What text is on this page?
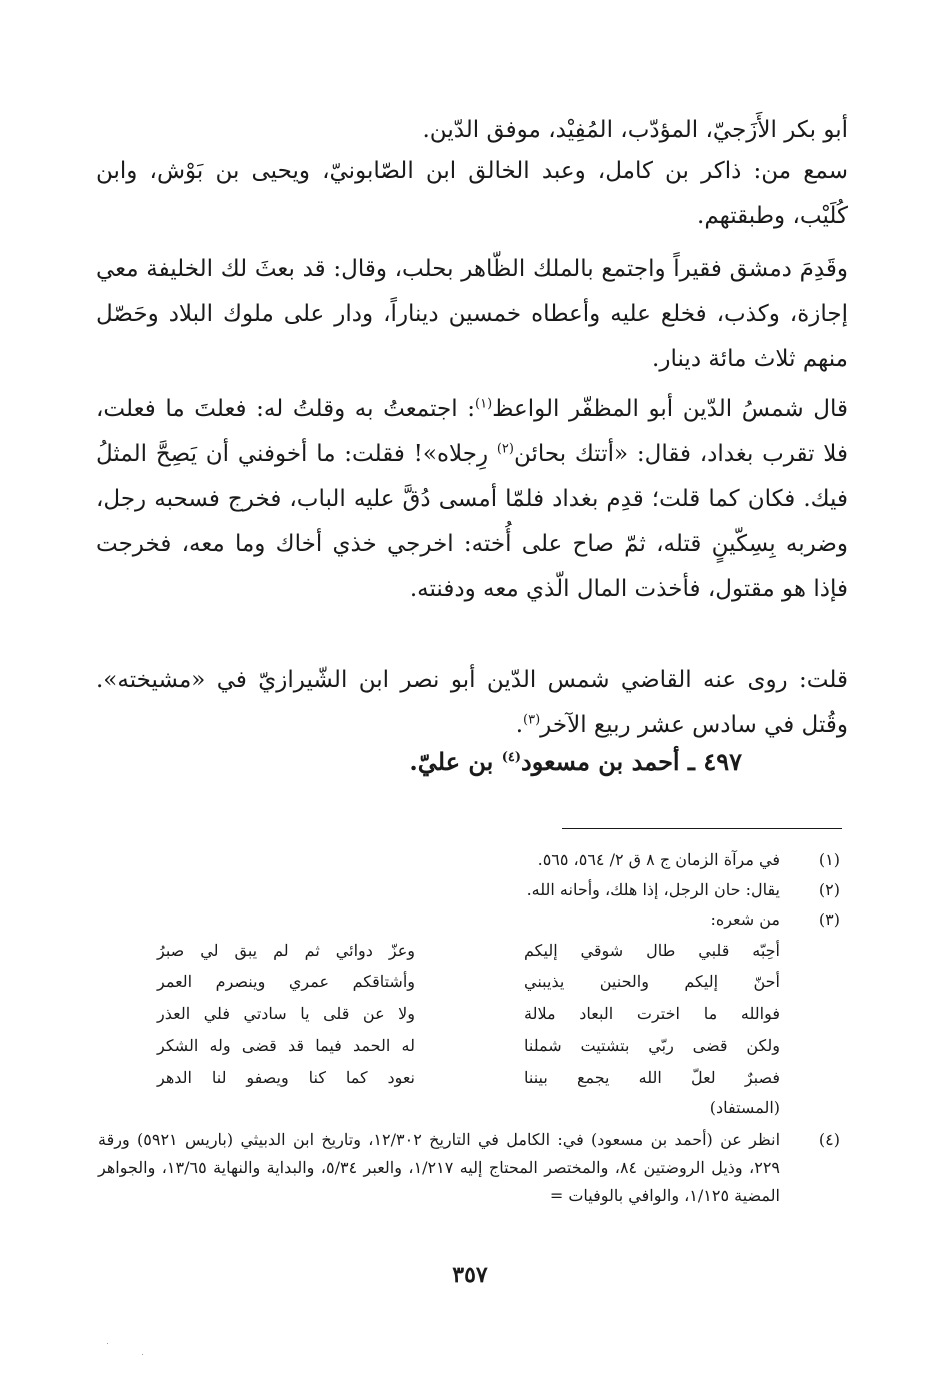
أبو بكر الأَزَجيّ، المؤدّب، المُفِيْد، موفق الدّين.
سمع من: ذاكر بن كامل، وعبد الخالق ابن الصّابونيّ، ويحيى بن بَوْش، وابن كُلَيْب، وطبقتهم.
وقَدِمَ دمشق فقيراً واجتمع بالملك الظّاهر بحلب، وقال: قد بعثَ لك الخليفة معي إجازة، وكذب، فخلع عليه وأعطاه خمسين ديناراً، ودار على ملوك البلاد وحَصّل منهم ثلاث مائة دينار.
قال شمسُ الدّين أبو المظفّر الواعظ$^{(١)}$: اجتمعتُ به وقلتُ له: فعلتَ ما فعلت، فلا تقرب بغداد، فقال: «أتتك بحائن$^{(٢)}$ رِجلاه»! فقلت: ما أخوفني أن يَصِحَّ المثلُ فيك. فكان كما قلت؛ قدِم بغداد فلمّا أمسى دُقَّ عليه الباب، فخرج فسحبه رجل، وضربه بِسِكّينٍ قتله، ثمّ صاح على أُخته: اخرجي خذي أخاك وما معه، فخرجت فإذا هو مقتول، فأخذت المال الّذي معه ودفنته.
قلت: روى عنه القاضي شمس الدّين أبو نصر ابن الشّيرازيّ في «مشيخته». وقُتل في سادس عشر ربيع الآخر$^{(٣)}$.
٤٩٧ ـ أحمد بن مسعود$^{(٤)}$ بن عليّ.
(١)
في مرآة الزمان ج ٨ ق ٢/ ٥٦٤، ٥٦٥.
(٢)
يقال: حان الرجل، إذا هلك، وأحانه الله.
(٣)
من شعره:
أحِبّه قلبي طال شوقي إليكم
وعزّ دوائي ثم لم يبق لي صبرُ
أحنّ إليكم والحنين يذيبني
وأشتاقكم عمري وينصرم العمر
فوالله ما اخترت البعاد ملالة
ولا عن قلى يا سادتي فلي العذر
ولكن قضى ربّي بتشتيت شملنا
له الحمد فيما قد قضى وله الشكر
فصبرٌ لعلّ الله يجمع بيننا
نعود كما كنا ويصفو لنا الدهر
(المستفاد)
(٤)
انظر عن (أحمد بن مسعود) في: الكامل في التاريخ ١٢/٣٠٢، وتاريخ ابن الدبيثي (باريس ٥٩٢١) ورقة ٢٢٩، وذيل الروضتين ٨٤، والمختصر المحتاج إليه ١/٢١٧، والعبر ٥/٣٤، والبداية والنهاية ١٣/٦٥، والجواهر المضية ١/١٢٥، والوافي بالوفيات =
٣٥٧
